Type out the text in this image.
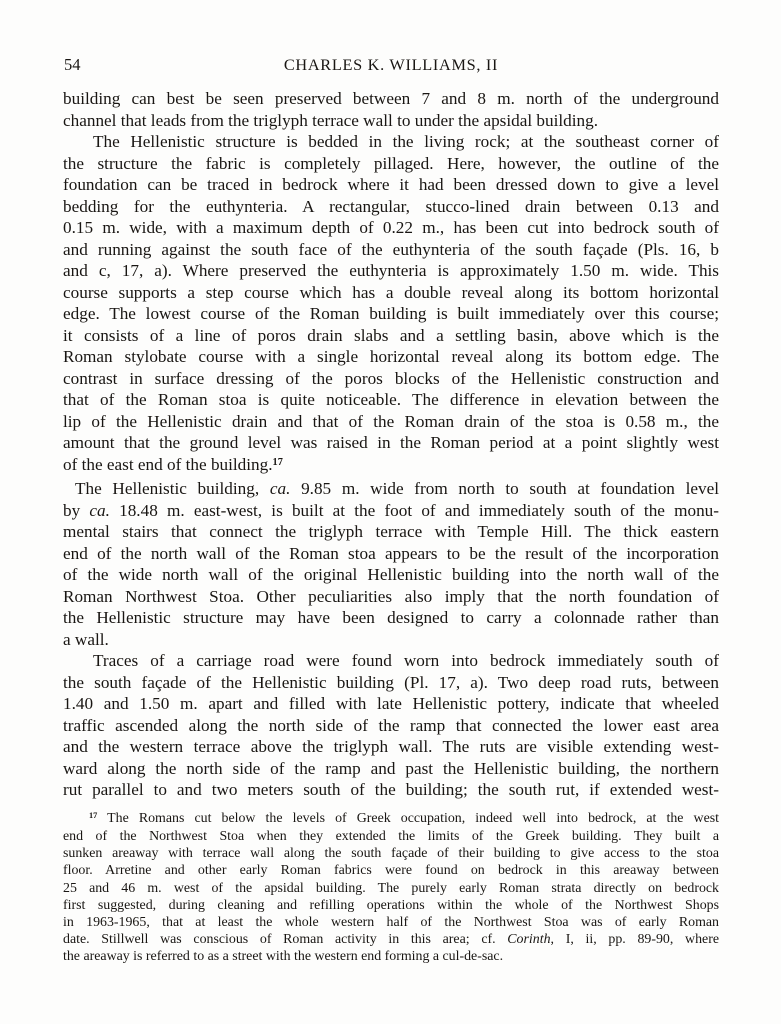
54	CHARLES K. WILLIAMS, II
building can best be seen preserved between 7 and 8 m. north of the underground
channel that leads from the triglyph terrace wall to under the apsidal building.
The Hellenistic structure is bedded in the living rock; at the southeast corner of
the structure the fabric is completely pillaged. Here, however, the outline of the
foundation can be traced in bedrock where it had been dressed down to give a level
bedding for the euthynteria. A rectangular, stucco-lined drain between 0.13 and
0.15 m. wide, with a maximum depth of 0.22 m., has been cut into bedrock south of
and running against the south face of the euthynteria of the south façade (Pls. 16, b
and c, 17, a). Where preserved the euthynteria is approximately 1.50 m. wide. This
course supports a step course which has a double reveal along its bottom horizontal
edge. The lowest course of the Roman building is built immediately over this course;
it consists of a line of poros drain slabs and a settling basin, above which is the
Roman stylobate course with a single horizontal reveal along its bottom edge. The
contrast in surface dressing of the poros blocks of the Hellenistic construction and
that of the Roman stoa is quite noticeable. The difference in elevation between the
lip of the Hellenistic drain and that of the Roman drain of the stoa is 0.58 m., the
amount that the ground level was raised in the Roman period at a point slightly west
of the east end of the building.$^{17}$
The Hellenistic building, ca. 9.85 m. wide from north to south at foundation level
by ca. 18.48 m. east-west, is built at the foot of and immediately south of the monu-
mental stairs that connect the triglyph terrace with Temple Hill. The thick eastern
end of the north wall of the Roman stoa appears to be the result of the incorporation
of the wide north wall of the original Hellenistic building into the north wall of the
Roman Northwest Stoa. Other peculiarities also imply that the north foundation of
the Hellenistic structure may have been designed to carry a colonnade rather than
a wall.
Traces of a carriage road were found worn into bedrock immediately south of
the south façade of the Hellenistic building (Pl. 17, a). Two deep road ruts, between
1.40 and 1.50 m. apart and filled with late Hellenistic pottery, indicate that wheeled
traffic ascended along the north side of the ramp that connected the lower east area
and the western terrace above the triglyph wall. The ruts are visible extending west-
ward along the north side of the ramp and past the Hellenistic building, the northern
rut parallel to and two meters south of the building; the south rut, if extended west-
$^{17}$ The Romans cut below the levels of Greek occupation, indeed well into bedrock, at the west
end of the Northwest Stoa when they extended the limits of the Greek building. They built a
sunken areaway with terrace wall along the south façade of their building to give access to the stoa
floor. Arretine and other early Roman fabrics were found on bedrock in this areaway between
25 and 46 m. west of the apsidal building. The purely early Roman strata directly on bedrock
first suggested, during cleaning and refilling operations within the whole of the Northwest Shops
in 1963-1965, that at least the whole western half of the Northwest Stoa was of early Roman
date. Stillwell was conscious of Roman activity in this area; cf. Corinth, I, ii, pp. 89-90, where
the areaway is referred to as a street with the western end forming a cul-de-sac.
